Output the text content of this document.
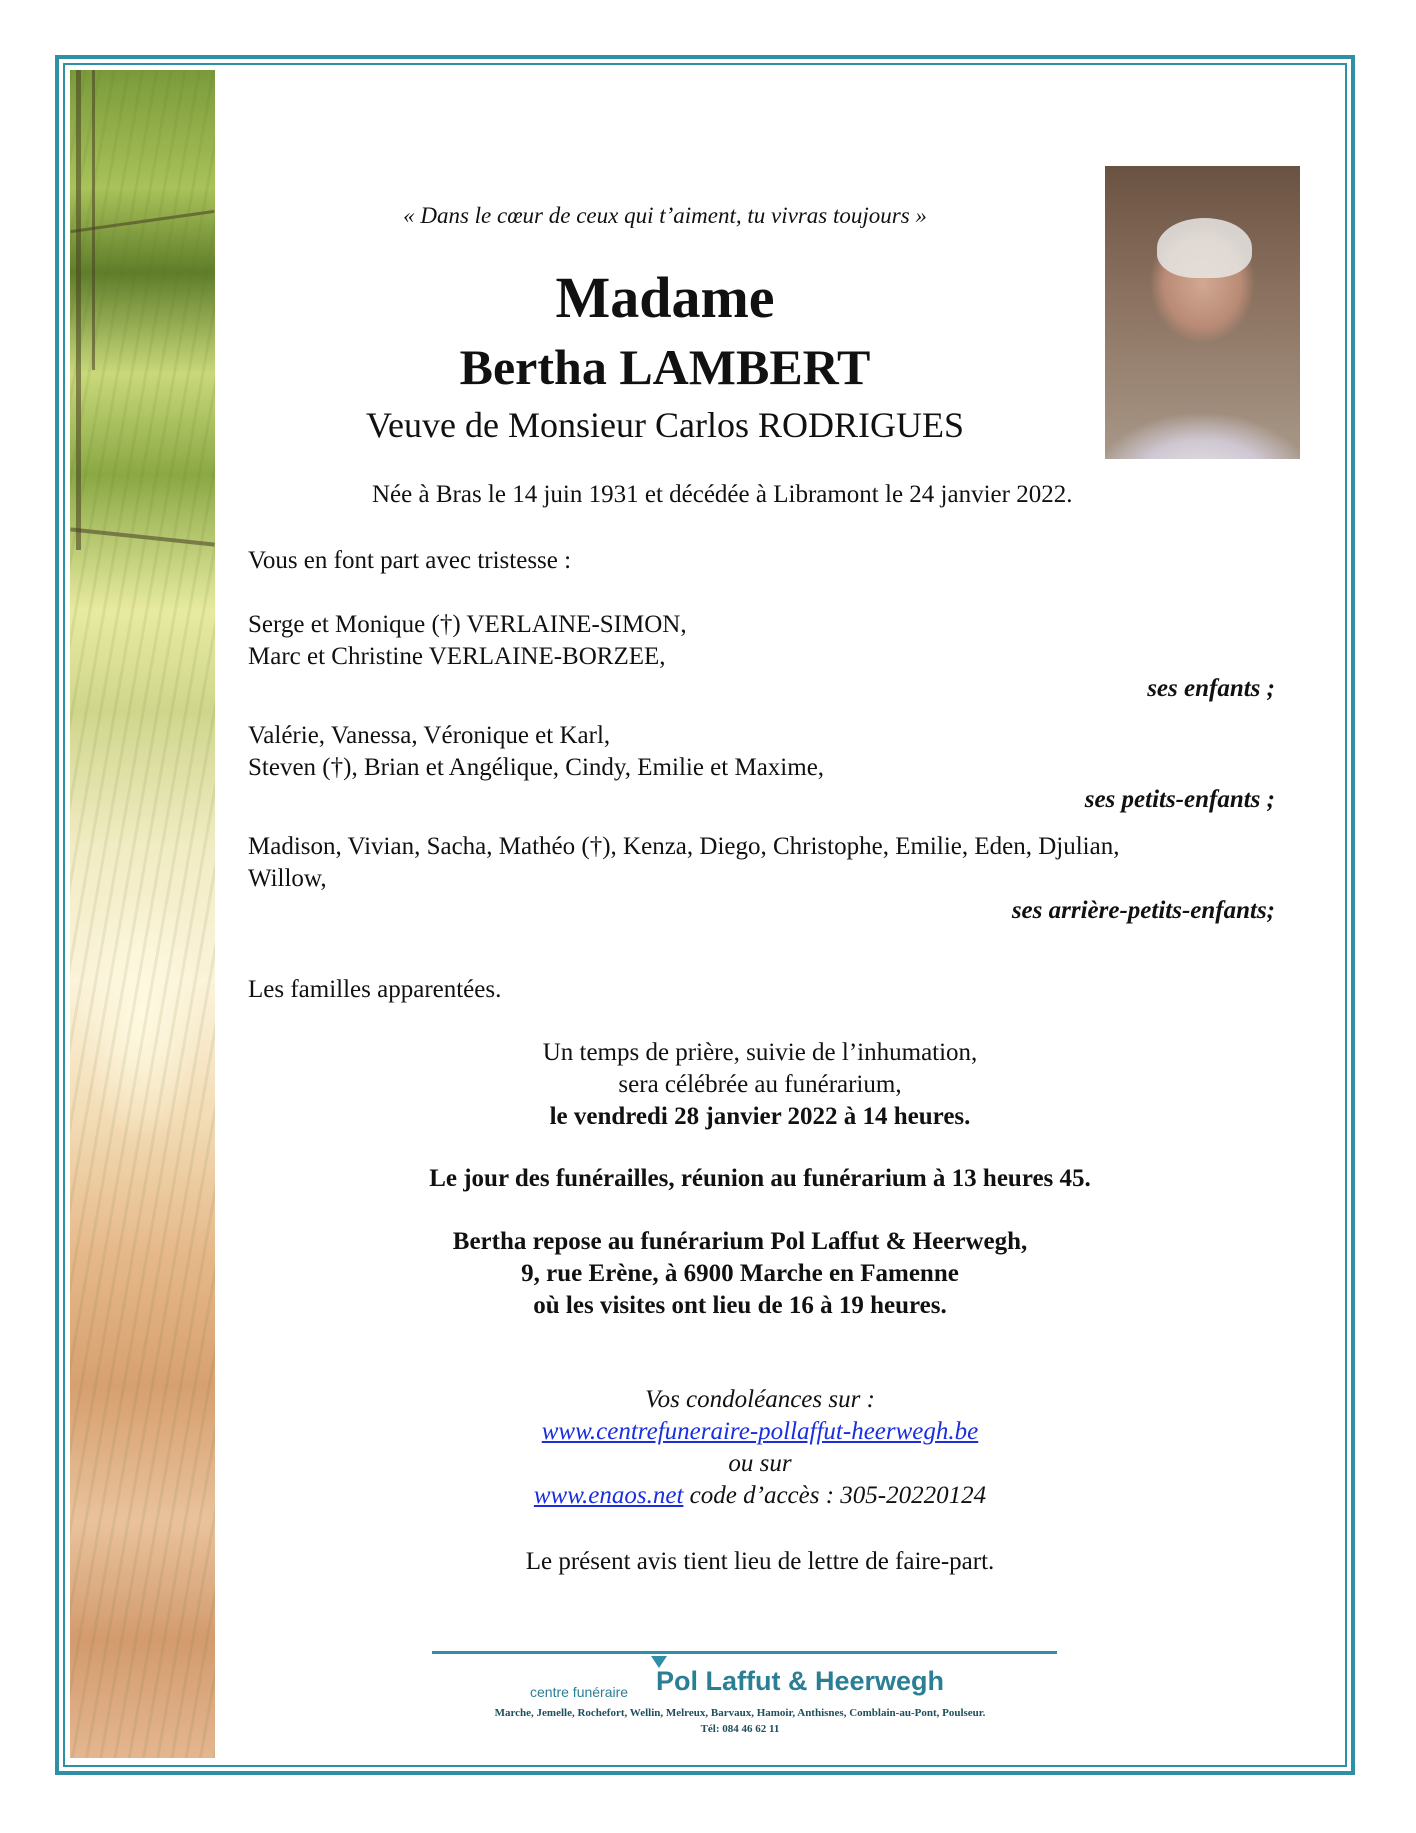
« Dans le cœur de ceux qui t’aiment, tu vivras toujours »

Madame
Bertha LAMBERT

Veuve de Monsieur Carlos RODRIGUES

Née à Bras le 14 juin 1931 et décédée à Libramont le 24 janvier 2022.

Vous en font part avec tristesse :

Serge et Monique (†) VERLAINE-SIMON,

Marc et Christine VERLAINE-BORZEE,

ses enfants ;

Valérie, Vanessa, Véronique et Karl,

Steven (†), Brian et Angélique, Cindy, Emilie et Maxime,

ses petits-enfants ;

Madison, Vivian, Sacha, Mathéo (†), Kenza, Diego, Christophe, Emilie, Eden, Djulian,

Willow,

ses arrière-petits-enfants;

Les familles apparentées.

Un temps de prière, suivie de l’inhumation,

sera célébrée au funérarium,

le vendredi 28 janvier 2022 à 14 heures.

Le jour des funérailles, réunion au funérarium à 13 heures 45.

Bertha repose au funérarium Pol Laffut & Heerwegh,

9, rue Erène, à 6900 Marche en Famenne

où les visites ont lieu de 16 à 19 heures.

Vos condoléances sur :

www.centrefuneraire-pollaffut-heerwegh.be

ou sur

www.enaos.net code d’accès : 305-20220124

Le présent avis tient lieu de lettre de faire-part.

centre funéraire Pol Laffut & Heerwegh
Marche, Jemelle, Rochefort, Wellin, Melreux, Barvaux, Hamoir, Anthisnes, Comblain-au-Pont, Poulseur.
Tél: 084 46 62 11
